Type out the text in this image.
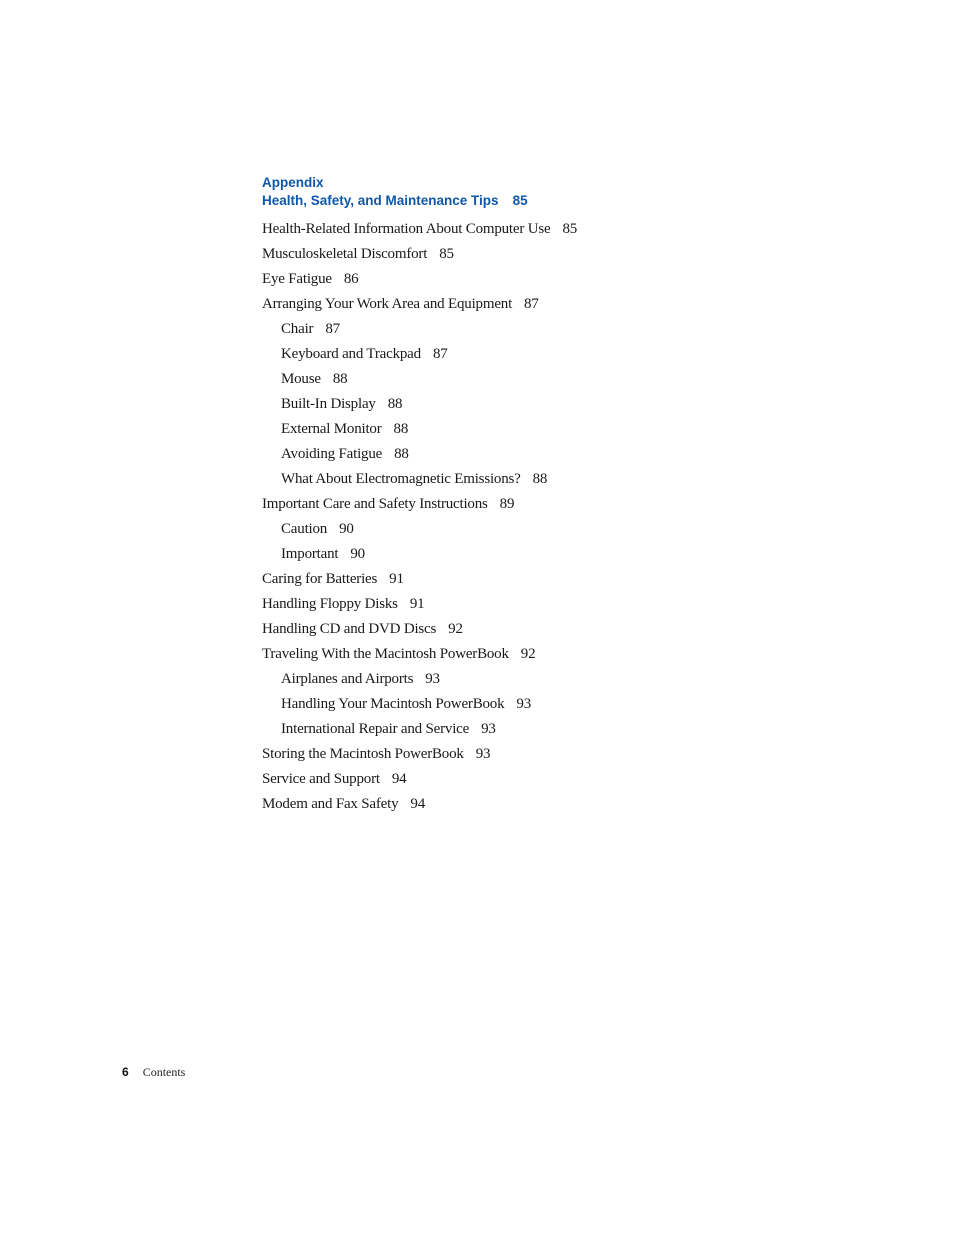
Appendix
Health, Safety, and Maintenance Tips 85
Health-Related Information About Computer Use 85
Musculoskeletal Discomfort 85
Eye Fatigue 86
Arranging Your Work Area and Equipment 87
Chair 87
Keyboard and Trackpad 87
Mouse 88
Built-In Display 88
External Monitor 88
Avoiding Fatigue 88
What About Electromagnetic Emissions? 88
Important Care and Safety Instructions 89
Caution 90
Important 90
Caring for Batteries 91
Handling Floppy Disks 91
Handling CD and DVD Discs 92
Traveling With the Macintosh PowerBook 92
Airplanes and Airports 93
Handling Your Macintosh PowerBook 93
International Repair and Service 93
Storing the Macintosh PowerBook 93
Service and Support 94
Modem and Fax Safety 94
6 Contents
